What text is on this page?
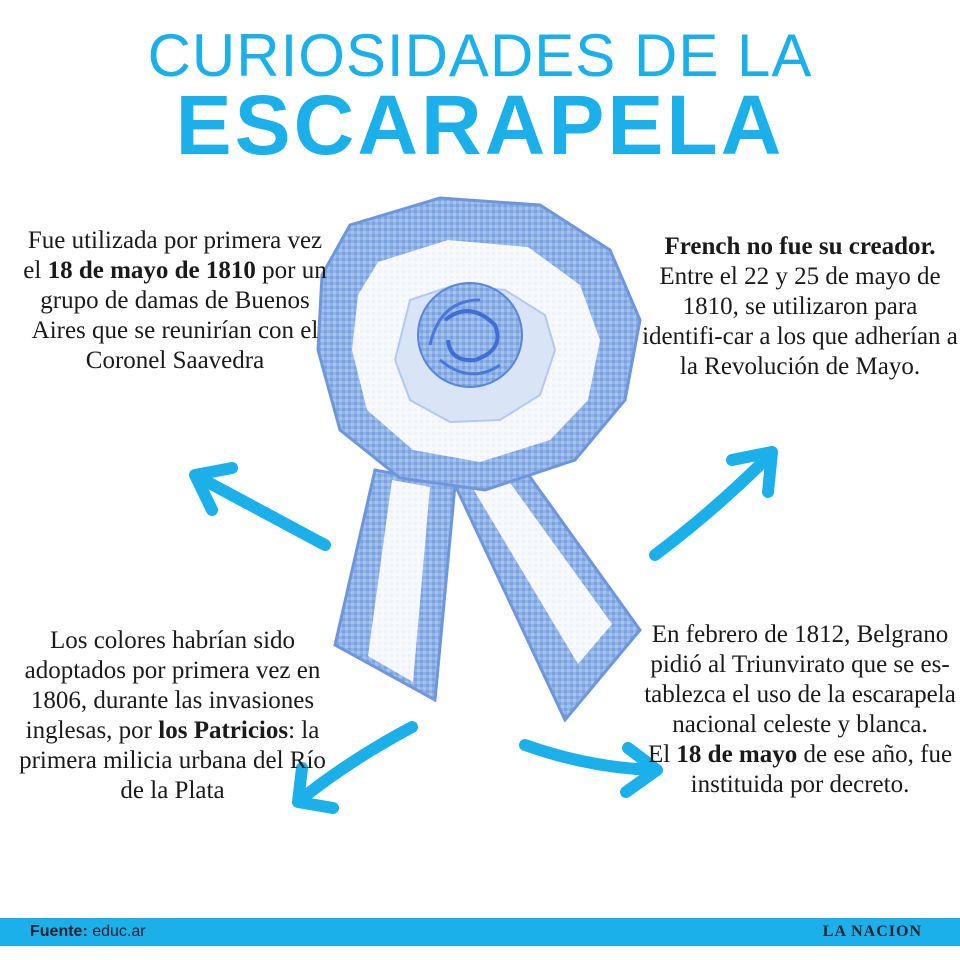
CURIOSIDADES DE LA
ESCARAPELA
Fue utilizada por primera vez el 18 de mayo de 1810 por un grupo de damas de Buenos Aires que se reunirían con el Coronel Saavedra
French no fue su creador. Entre el 22 y 25 de mayo de 1810, se utilizaron para identifi-car a los que adherían a la Revolución de Mayo.
Los colores habrían sido adoptados por primera vez en 1806, durante las invasiones inglesas, por los Patricios: la primera milicia urbana del Río de la Plata
En febrero de 1812, Belgrano pidió al Triunvirato que se es-tablezca el uso de la escarapela nacional celeste y blanca.
El 18 de mayo de ese año, fue instituida por decreto.
Fuente: educ.ar	LA NACION
